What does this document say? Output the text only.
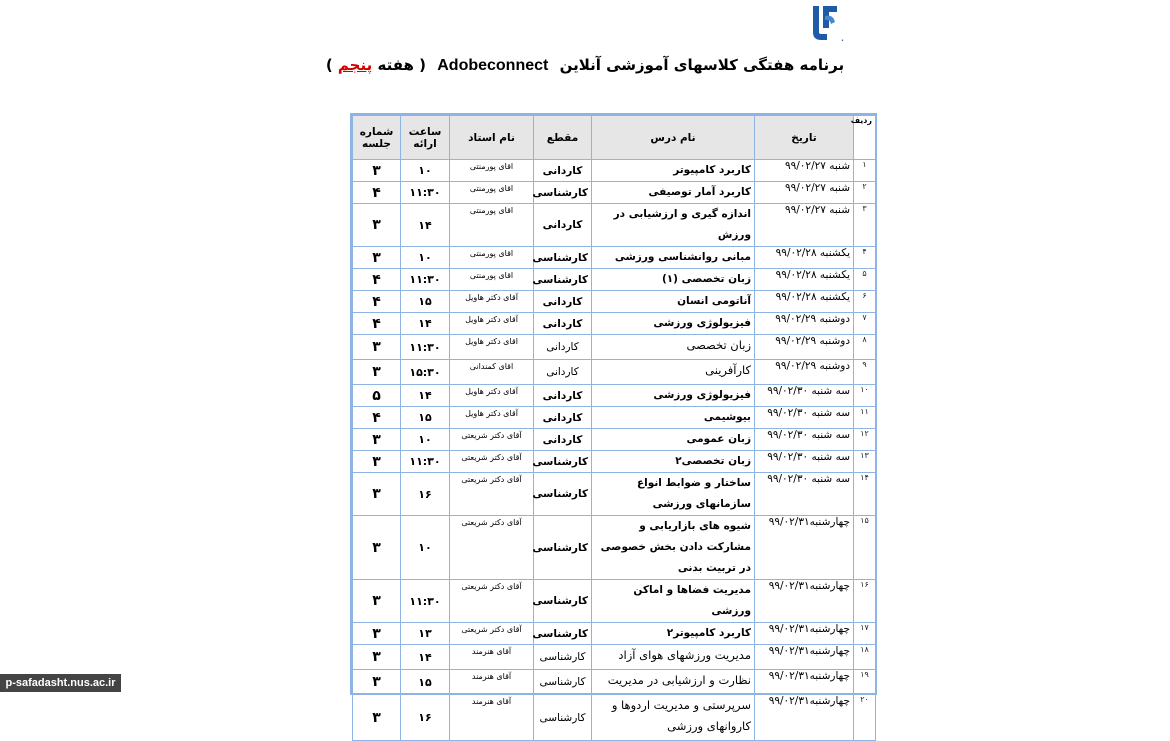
•
برنامه هفتگی کلاسهای آموزشی آنلاین Adobeconnect ( هفته پنجم )
ردیف	تاریخ	نام درس	مقطع	نام استاد	ساعت ارائه	شماره جلسه
۱	شنبه ۹۹/۰۲/۲۷	کاربرد کامپیوتر	کاردانی	اقای پورمنتی	۱۰	۳
۲	شنبه ۹۹/۰۲/۲۷	کاربرد آمار توصیفی	کارشناسی	اقای پورمنتی	۱۱:۳۰	۴
۳	شنبه ۹۹/۰۲/۲۷	اندازه گیری و ارزشیابی در ورزش	کاردانی	اقای پورمنتی	۱۴	۳
۴	یکشنبه ۹۹/۰۲/۲۸	مبانی روانشناسی ورزشی	کارشناسی	اقای پورمنتی	۱۰	۳
۵	یکشنبه ۹۹/۰۲/۲۸	زبان تخصصی (۱)	کارشناسی	اقای پورمنتی	۱۱:۳۰	۴
۶	یکشنبه ۹۹/۰۲/۲۸	آناتومی انسان	کاردانی	آقای دکتر هاویل	۱۵	۴
۷	دوشنبه ۹۹/۰۲/۲۹	فیزیولوژی ورزشی	کاردانی	آقای دکتر هاویل	۱۴	۴
۸	دوشنبه ۹۹/۰۲/۲۹	زبان تخصصی	کاردانی	اقای دکتر هاویل	۱۱:۳۰	۳
۹	دوشنبه ۹۹/۰۲/۲۹	کارآفرینی	کاردانی	اقای کمندانی	۱۵:۳۰	۳
۱۰	سه شنبه ۹۹/۰۲/۳۰	فیزیولوژی ورزشی	کاردانی	آقای دکتر هاویل	۱۴	۵
۱۱	سه شنبه ۹۹/۰۲/۳۰	بیوشیمی	کاردانی	آقای دکتر هاویل	۱۵	۴
۱۲	سه شنبه ۹۹/۰۲/۳۰	زبان عمومی	کاردانی	آقای دکتر شریعتی	۱۰	۳
۱۳	سه شنبه ۹۹/۰۲/۳۰	زبان تخصصی۲	کارشناسی	آقای دکتر شریعتی	۱۱:۳۰	۳
۱۴	سه شنبه ۹۹/۰۲/۳۰	ساختار و ضوابط انواع سازمانهای ورزشی	کارشناسی	آقای دکتر شریعتی	۱۶	۳
۱۵	چهارشنبه۹۹/۰۲/۳۱	شیوه های بازاریابی و مشارکت دادن بخش خصوصی در تربیت بدنی	کارشناسی	آقای دکتر شریعتی	۱۰	۳
۱۶	چهارشنبه۹۹/۰۲/۳۱	مدیریت فضاها و اماکن ورزشی	کارشناسی	آقای دکتر شریعتی	۱۱:۳۰	۳
۱۷	چهارشنبه۹۹/۰۲/۳۱	کاربرد کامپیوتر۲	کارشناسی	آقای دکتر شریعتی	۱۳	۳
۱۸	چهارشنبه۹۹/۰۲/۳۱	مدیریت ورزشهای هوای آزاد	کارشناسی	آقای هنرمند	۱۴	۳
۱۹	چهارشنبه۹۹/۰۲/۳۱	نظارت و ارزشیابی در مدیریت	کارشناسی	آقای هنرمند	۱۵	۳
۲۰	چهارشنبه۹۹/۰۲/۳۱	سرپرستی و مدیریت اردوها و کاروانهای ورزشی	کارشناسی	آقای هنرمند	۱۶	۳
p-safadasht.nus.ac.ir
